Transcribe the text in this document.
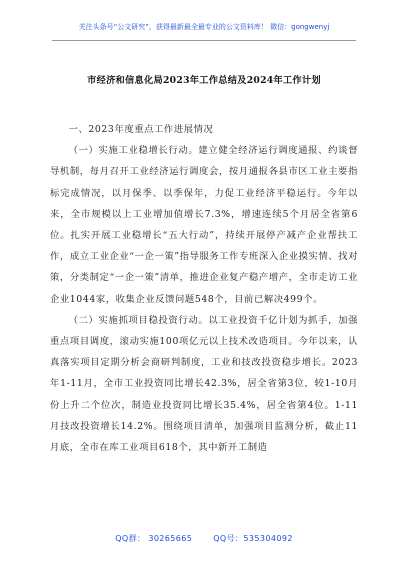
关注头条号“公文研究”，获得最新最全最专业的公文资料库！ 微信：gongwenyj
市经济和信息化局2023年工作总结及2024年工作计划

一、2023年度重点工作进展情况

（一）实施工业稳增长行动。建立健全经济运行调度通报、约谈督导机制，每月召开工业经济运行调度会，按月通报各县市区工业主要指标完成情况，以月保季、以季保年，力促工业经济平稳运行。今年以来，全市规模以上工业增加值增长7.3%，增速连续5个月居全省第6位。扎实开展工业稳增长“五大行动”，持续开展停产减产企业帮扶工作，成立工业企业“一企一策”指导服务工作专班深入企业摸实情、找对策，分类制定“一企一策”清单，推进企业复产稳产增产，全市走访工业企业1044家，收集企业反馈问题548个，目前已解决499个。

（二）实施抓项目稳投资行动。以工业投资千亿计划为抓手，加强重点项目调度，滚动实施100项亿元以上技术改造项目。今年以来，认真落实项目定期分析会商研判制度，工业和技改投资稳步增长。2023年1-11月，全市工业投资同比增长42.3%，居全省第3位，较1-10月份上升二个位次，制造业投资同比增长35.4%，居全省第4位。1-11月技改投资增长14.2%。围绕项目清单，加强项目监测分析，截止11月底，全市在库工业项目618个，其中新开工制造

QQ群： 30265665	QQ号：535304092
